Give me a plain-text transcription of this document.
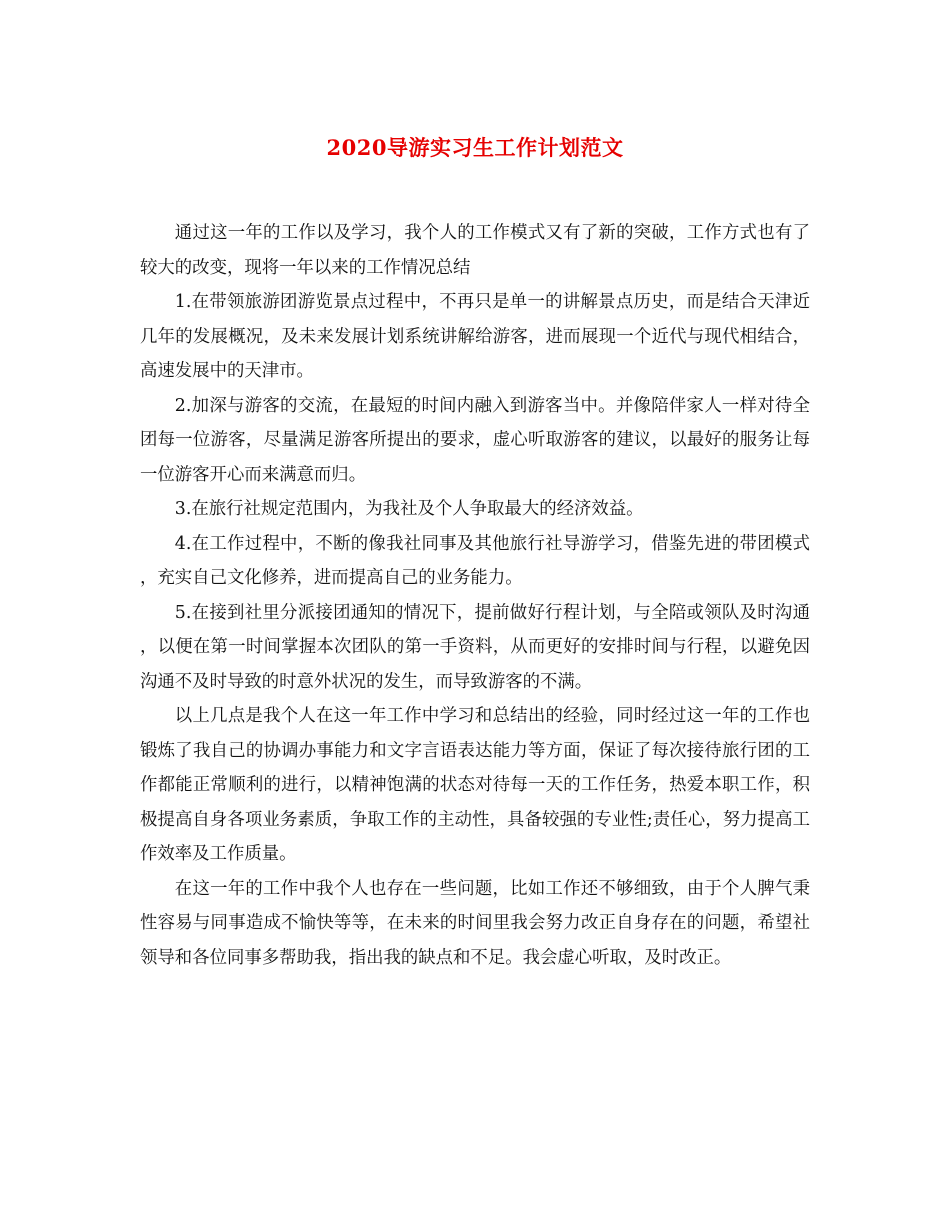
2020导游实习生工作计划范文

通过这一年的工作以及学习，我个人的工作模式又有了新的突破，工作方式也有了较大的改变，现将一年以来的工作情况总结

1.在带领旅游团游览景点过程中，不再只是单一的讲解景点历史，而是结合天津近几年的发展概况，及未来发展计划系统讲解给游客，进而展现一个近代与现代相结合，高速发展中的天津市。

2.加深与游客的交流，在最短的时间内融入到游客当中。并像陪伴家人一样对待全团每一位游客，尽量满足游客所提出的要求，虚心听取游客的建议，以最好的服务让每一位游客开心而来满意而归。

3.在旅行社规定范围内，为我社及个人争取最大的经济效益。

4.在工作过程中，不断的像我社同事及其他旅行社导游学习，借鉴先进的带团模式，充实自己文化修养，进而提高自己的业务能力。

5.在接到社里分派接团通知的情况下，提前做好行程计划，与全陪或领队及时沟通，以便在第一时间掌握本次团队的第一手资料，从而更好的安排时间与行程，以避免因沟通不及时导致的时意外状况的发生，而导致游客的不满。

以上几点是我个人在这一年工作中学习和总结出的经验，同时经过这一年的工作也锻炼了我自己的协调办事能力和文字言语表达能力等方面，保证了每次接待旅行团的工作都能正常顺利的进行，以精神饱满的状态对待每一天的工作任务，热爱本职工作，积极提高自身各项业务素质，争取工作的主动性，具备较强的专业性;责任心，努力提高工作效率及工作质量。

在这一年的工作中我个人也存在一些问题，比如工作还不够细致，由于个人脾气秉性容易与同事造成不愉快等等，在未来的时间里我会努力改正自身存在的问题，希望社领导和各位同事多帮助我，指出我的缺点和不足。我会虚心听取，及时改正。
